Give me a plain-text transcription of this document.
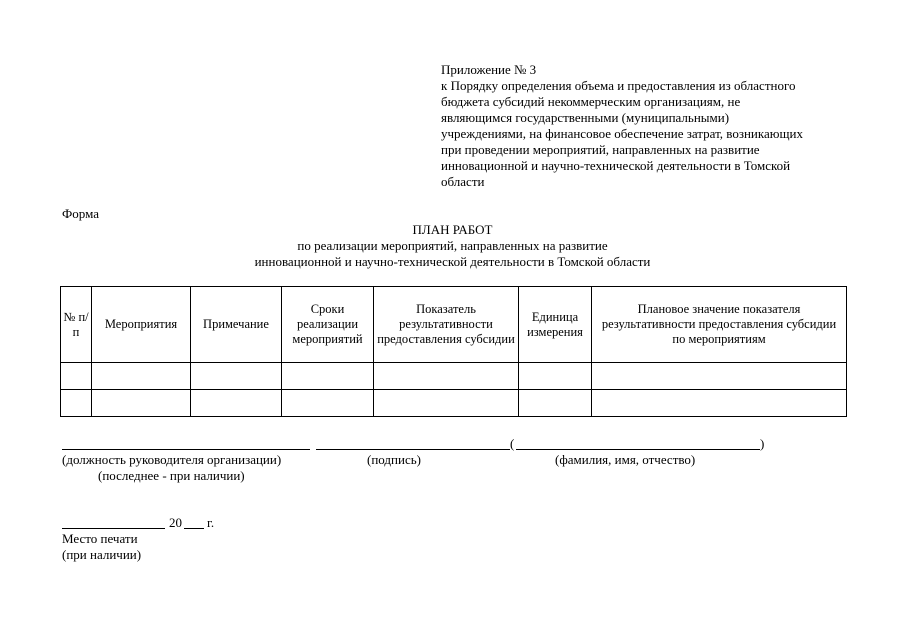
Приложение № 3
к Порядку определения объема и предоставления из областного
бюджета субсидий некоммерческим организациям, не
являющимся государственными (муниципальными)
учреждениями, на финансовое обеспечение затрат, возникающих
при проведении мероприятий, направленных на развитие
инновационной и научно-технической деятельности в Томской
области
Форма
ПЛАН РАБОТ
по реализации мероприятий, направленных на развитие
инновационной и научно-технической деятельности в Томской области
№ п/п	Мероприятия	Примечание	Сроки реализации мероприятий	Показатель результативности предоставления субсидии	Единица измерения	Плановое значение показателя результативности предоставления субсидии по мероприятиям

(	)
(должность руководителя организации)
(последнее - при наличии)
(подпись)	(фамилия, имя, отчество)
20 г.
Место печати
(при наличии)
